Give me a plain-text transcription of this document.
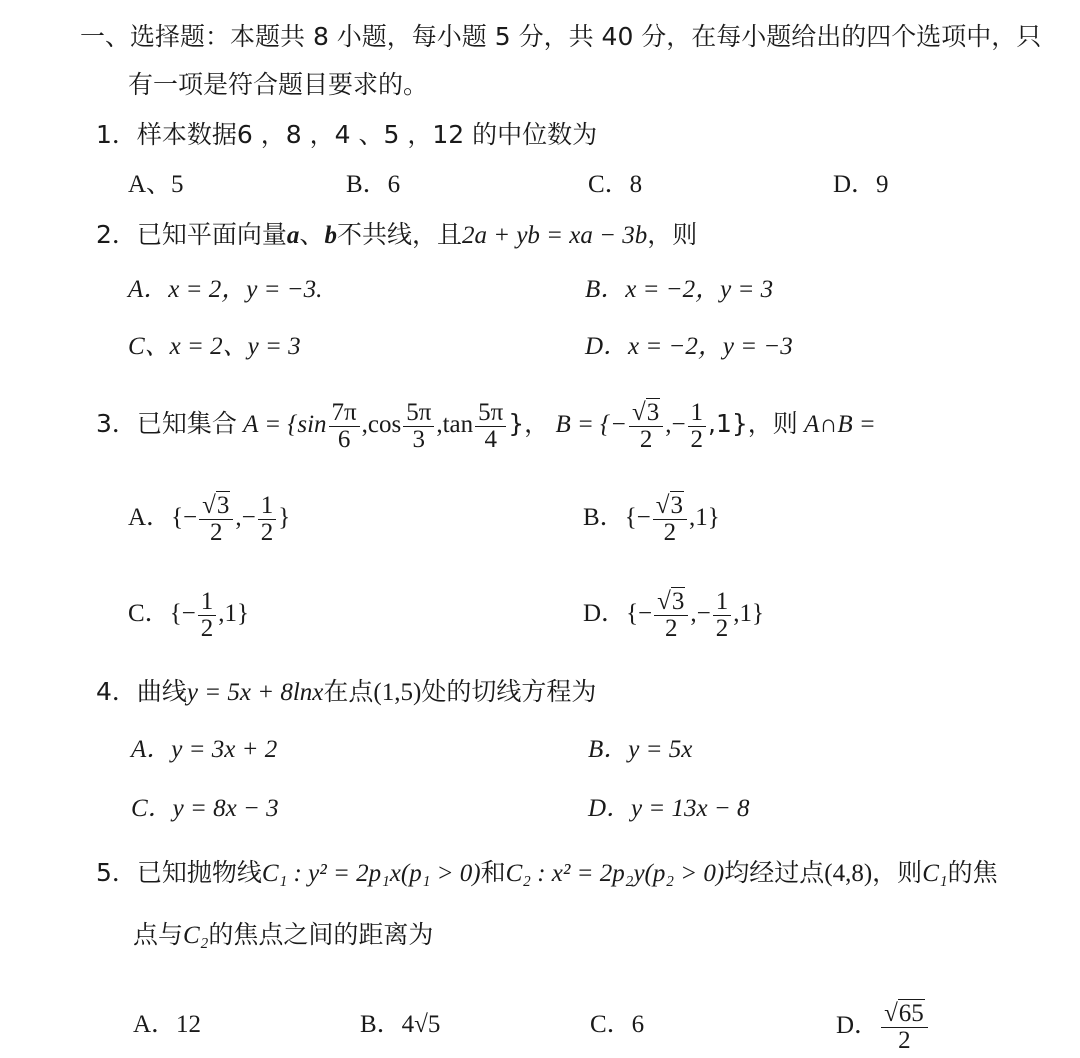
一、选择题：本题共 8 小题，每小题 5 分，共 40 分，在每小题给出的四个选项中，只
有一项是符合题目要求的。
1．样本数据6 ，8 ，4 、5 ，12 的中位数为
A、5	B．6	C．8	D．9
2．已知平面向量a、b不共线，且2a + yb = xa − 3b，则
A．x = 2，y = −3.	B．x = −2，y = 3
C、x = 2、y = 3	D．x = −2，y = −3
3．已知集合 $A = \{\sin \frac{7\pi}{6} ,\cos \frac{5\pi}{3} ,\tan \frac{5\pi}{4}$ }， B = {− $\frac{√3}{2}$ ,− $\frac{1}{2} ,1$}，则 A∩B =
A．{− $\frac{√3}{2}$ ,− $\frac{1}{2}$ }	B．{− $\frac{√3}{2} ,1$}
C．{− $\frac{1}{2} ,1$}	D．{− $\frac{√3}{2}$ ,− $\frac{1}{2} ,1$}
4．曲线y = 5x + 8lnx在点(1,5)处的切线方程为
A．y = 3x + 2	B．y = 5x
C．y = 8x − 3	D．y = 13x − 8
5．已知抛物线C₁ : y² = 2p₁x(p₁ > 0)和C₂ : x² = 2p₂y(p₂ > 0)均经过点(4,8)，则C₁的焦
点与C₂的焦点之间的距离为
A．12	B．4√5	C．6	D． $\frac{√65}{2}$
